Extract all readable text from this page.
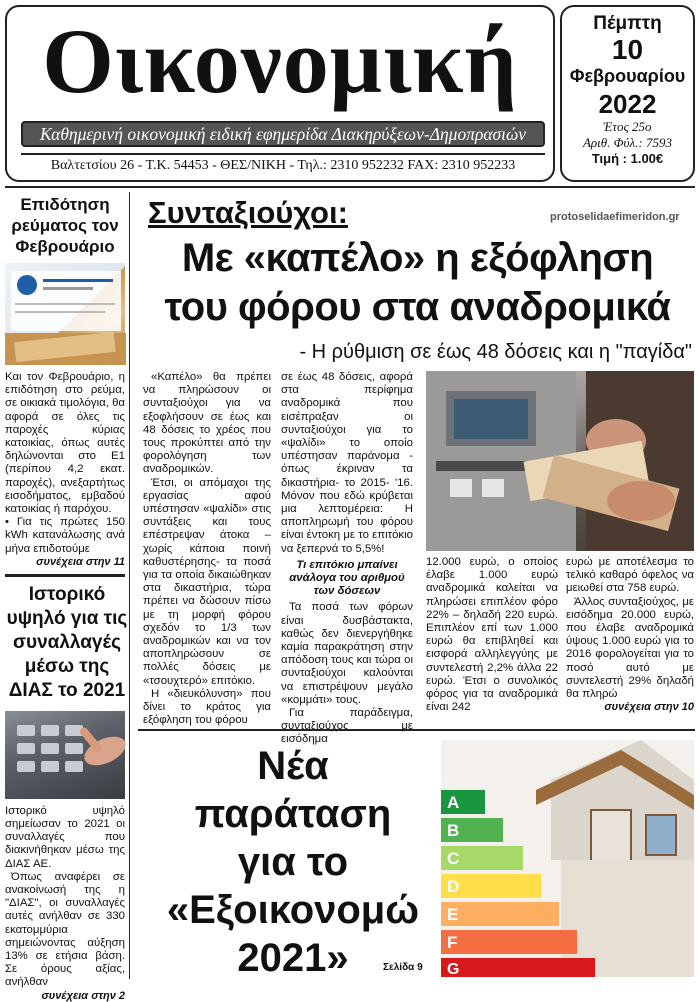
Οικονομική
Καθημερινή οικονομική ειδική εφημερίδα Διακηρύξεων-Δημοπρασιών
Βαλτετσίου 26 - Τ.Κ. 54453 - ΘΕΣ/ΝΙΚΗ - Τηλ.: 2310 952232 FAX: 2310 952233
Πέμπτη
10
Φεβρουαρίου
2022
Έτος 25ο
Αριθ. Φύλ.: 7593
Τιμή : 1.00€
Επιδότηση ρεύματος τον Φεβρουάριο
Και τον Φεβρουάριο, η επιδότηση στο ρεύμα, σε οικιακά τιμολόγια, θα αφορά σε όλες τις παροχές κύριας κατοικίας, όπως αυτές δηλώνονται στο Ε1 (περίπου 4,2 εκατ. παροχές), ανεξαρτήτως εισοδήματος, εμβαδού κατοικίας ή παρόχου.
• Για τις πρώτες 150 kWh κατανάλωσης ανά μήνα επιδοτούμε
συνέχεια στην 11
Ιστορικό υψηλό για τις συναλλαγές μέσω της ΔΙΑΣ το 2021
Ιστορικό υψηλό σημείωσαν το 2021 οι συναλλαγές που διακινήθηκαν μέσω της ΔΙΑΣ ΑΕ.
Όπως αναφέρει σε ανακοίνωσή της η "ΔΙΑΣ", οι συναλλαγές αυτές ανήλθαν σε 330 εκατομμύρια σημειώνοντας αύξηση 13% σε ετήσια βάση. Σε όρους αξίας, ανήλθαν
συνέχεια στην 2
Συνταξιούχοι:	protoselidaefimeridon.gr
Με «καπέλο» η εξόφληση
του φόρου στα αναδρομικά
- Η ρύθμιση σε έως 48 δόσεις και η "παγίδα"

«Καπέλο» θα πρέπει να πληρώσουν οι συνταξιούχοι για να εξοφλήσουν σε έως και 48 δόσεις το χρέος που τους προκύπτει από την φορολόγηση των αναδρομικών.

Έτσι, οι απόμαχοι της εργασίας αφού υπέστησαν «ψαλίδι» στις συντάξεις και τους επέστρεψαν άτοκα – χωρίς κάποια ποινή καθυστέρησης- τα ποσά για τα οποία δικαιώθηκαν στα δικαστήρια, τώρα πρέπει να δώσουν πίσω με τη μορφή φόρου σχεδόν το 1/3 των αναδρομικών και να τον αποπληρώσουν σε πολλές δόσεις με «τσουχτερό» επιτόκιο.

Η «διευκόλυνση» που δίνει το κράτος για εξόφληση του φόρου

σε έως 48 δόσεις, αφορά στα περίφημα αναδρομικά που εισέπραξαν οι συνταξιούχοι για το «ψαλίδι» το οποίο υπέστησαν παράνομα - όπως έκριναν τα δικαστήρια- το 2015- '16. Μόνον που εδώ κρύβεται μια λεπτομέρεια: Η αποπληρωμή του φόρου είναι έντοκη με το επιτόκιο να ξεπερνά το 5,5%!

Τι επιτόκιο μπαίνει ανάλογα του αριθμού των δόσεων

Τα ποσά των φόρων είναι δυσβάστακτα, καθώς δεν διενεργήθηκε καμία παρακράτηση στην απόδοση τους και τώρα οι συνταξιούχοι καλούνται να επιστρέψουν μεγάλο «κομμάτι» τους.

Για παράδειγμα, συνταξιούχος με εισόδημα

12.000 ευρώ, ο οποίος έλαβε 1.000 ευρώ αναδρομικά καλείται να πληρώσει επιπλέον φόρο 22% – δηλαδή 220 ευρώ. Επιπλέον επί των 1.000 ευρώ θα επιβληθεί και εισφορά αλληλεγγύης με συντελεστή 2,2% άλλα 22 ευρώ. Έτσι ο συνολικός φόρος για τα αναδρομικά είναι 242

ευρώ με αποτέλεσμα το τελικό καθαρό όφελος να μειωθεί στα 758 ευρώ.

Άλλος συνταξιούχος, με εισόδημα 20.000 ευρώ, που έλαβε αναδρομικά ύψους 1.000 ευρώ για το 2016 φορολογείται για το ποσό αυτό με συντελεστή 29% δηλαδή θα πληρώ

συνέχεια στην 10
Νέα
παράταση
για το
«Εξοικονομώ
2021»	Σελίδα 9
A
B
C
D
E
F
G
